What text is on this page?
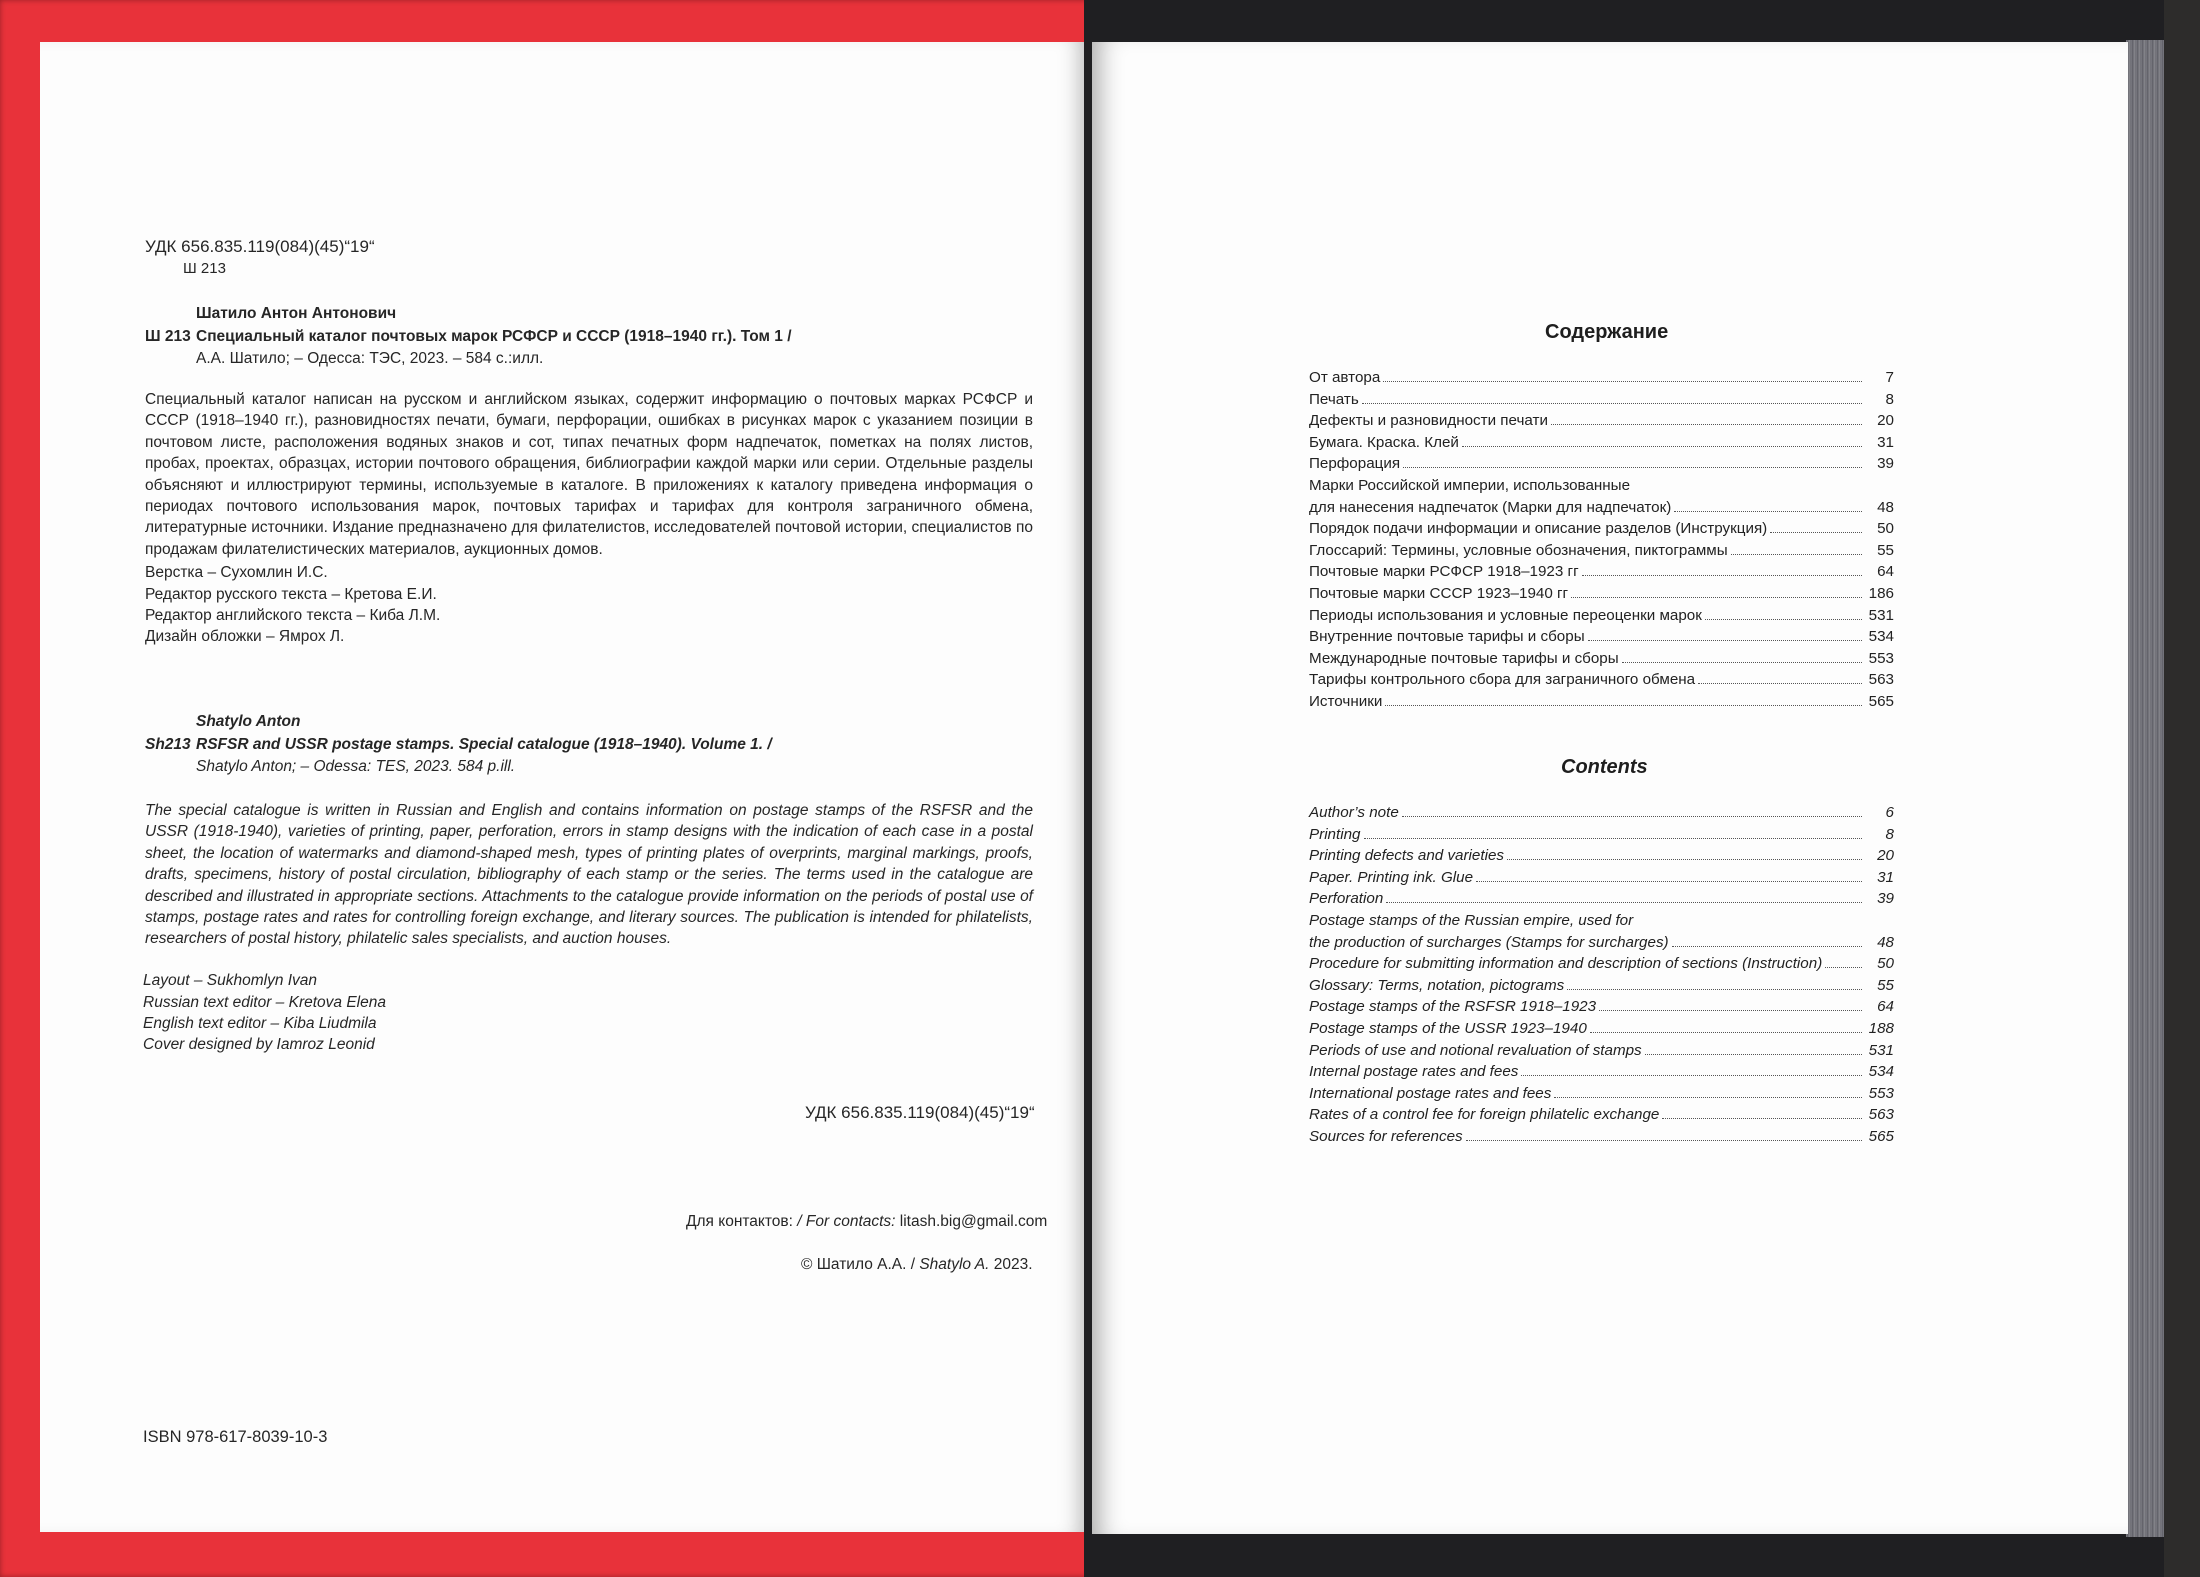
УДК 656.835.119(084)(45)“19“
Ш 213
Шатило Антон Антонович
Ш 213 Специальный каталог почтовых марок РСФСР и СССР (1918–1940 гг.). Том 1 /
А.А. Шатило; – Одесса: ТЭС, 2023. – 584 с.:илл.
Специальный каталог написан на русском и английском языках, содержит информацию о почтовых марках РСФСР и СССР (1918–1940 гг.), разновидностях печати, бумаги, перфорации, ошибках в рисунках марок с указанием позиции в почтовом листе, расположения водяных знаков и сот, типах печатных форм надпечаток, пометках на полях листов, пробах, проектах, образцах, истории почтового обращения, библиографии каждой марки или серии. Отдельные разделы объясняют и иллюстрируют термины, используемые в каталоге. В приложениях к каталогу приведена информация о периодах почтового использования марок, почтовых тарифах и тарифах для контроля заграничного обмена, литературные источники. Издание предназначено для филателистов, исследователей почтовой истории, специалистов по продажам филателистических материалов, аукционных домов.
Верстка – Сухомлин И.С.
Редактор русского текста – Кретова Е.И.
Редактор английского текста – Киба Л.М.
Дизайн обложки – Ямрох Л.
Shatylo Anton
Sh213 RSFSR and USSR postage stamps. Special catalogue (1918–1940). Volume 1. /
Shatylo Anton; – Odessa: TES, 2023. 584 p.ill.
The special catalogue is written in Russian and English and contains information on postage stamps of the RSFSR and the USSR (1918-1940), varieties of printing, paper, perforation, errors in stamp designs with the indication of each case in a postal sheet, the location of watermarks and diamond-shaped mesh, types of printing plates of overprints, marginal markings, proofs, drafts, specimens, history of postal circulation, bibliography of each stamp or the series. The terms used in the catalogue are described and illustrated in appropriate sections. Attachments to the catalogue provide information on the periods of postal use of stamps, postage rates and rates for controlling foreign exchange, and literary sources. The publication is intended for philatelists, researchers of postal history, philatelic sales specialists, and auction houses.
Layout – Sukhomlyn Ivan
Russian text editor – Kretova Elena
English text editor – Kiba Liudmila
Cover designed by Iamroz Leonid
УДК 656.835.119(084)(45)“19“
Для контактов: / For contacts: litash.big@gmail.com
© Шатило А.А. / Shatylo A. 2023.
ISBN 978-617-8039-10-3
Содержание
От автора	7
Печать	8
Дефекты и разновидности печати	20
Бумага. Краска. Клей	31
Перфорация	39
Марки Российской империи, использованные
для нанесения надпечаток (Марки для надпечаток)	48
Порядок подачи информации и описание разделов (Инструкция)	50
Глоссарий: Термины, условные обозначения, пиктограммы	55
Почтовые марки РСФСР 1918–1923 гг	64
Почтовые марки СССР 1923–1940 гг	186
Периоды использования и условные переоценки марок	531
Внутренние почтовые тарифы и сборы	534
Международные почтовые тарифы и сборы	553
Тарифы контрольного сбора для заграничного обмена	563
Источники	565
Contents
Author’s note	6
Printing	8
Printing defects and varieties	20
Paper. Printing ink. Glue	31
Perforation	39
Postage stamps of the Russian empire, used for
the production of surcharges (Stamps for surcharges)	48
Procedure for submitting information and description of sections (Instruction)	50
Glossary: Terms, notation, pictograms	55
Postage stamps of the RSFSR 1918–1923	64
Postage stamps of the USSR 1923–1940	188
Periods of use and notional revaluation of stamps	531
Internal postage rates and fees	534
International postage rates and fees	553
Rates of a control fee for foreign philatelic exchange	563
Sources for references	565
